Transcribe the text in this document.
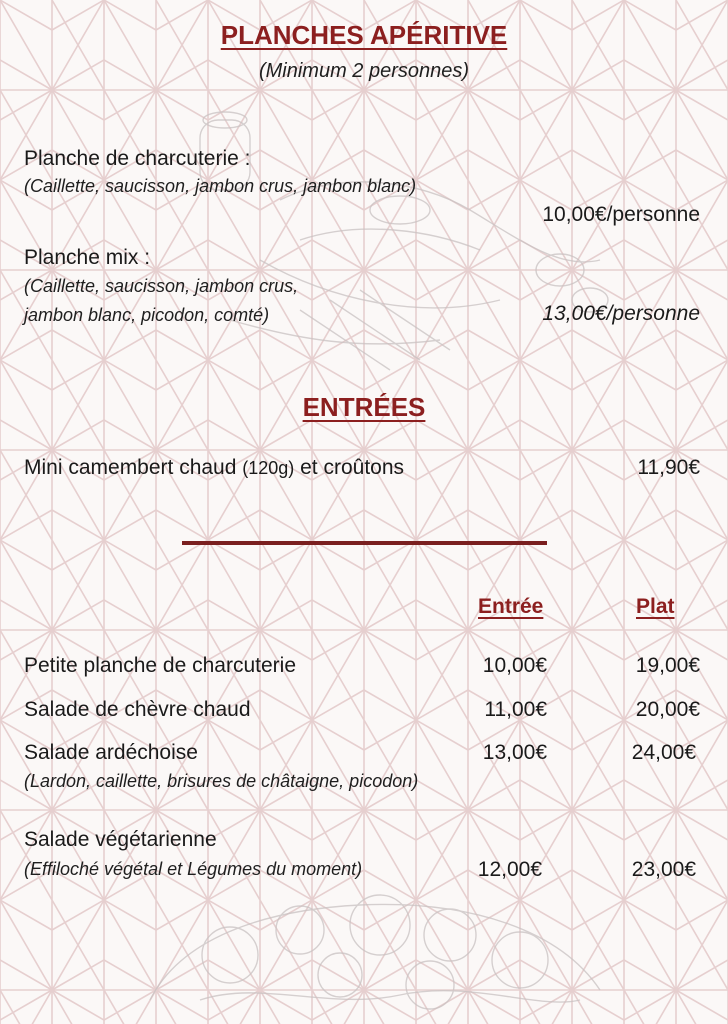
PLANCHES APÉRITIVE
(Minimum 2 personnes)
Planche de charcuterie :
(Caillette, saucisson, jambon crus, jambon blanc)
10,00€/personne
Planche mix :
(Caillette, saucisson, jambon crus,
jambon blanc, picodon, comté)	13,00€/personne
ENTRÉES
Mini camembert chaud (120g) et croûtons	11,90€
Entrée	Plat
Petite planche de charcuterie	10,00€	19,00€
Salade de chèvre chaud	11,00€	20,00€
Salade ardéchoise	13,00€	24,00€
(Lardon, caillette, brisures de châtaigne, picodon)
Salade végétarienne
(Effiloché végétal et Légumes du moment)	12,00€	23,00€
